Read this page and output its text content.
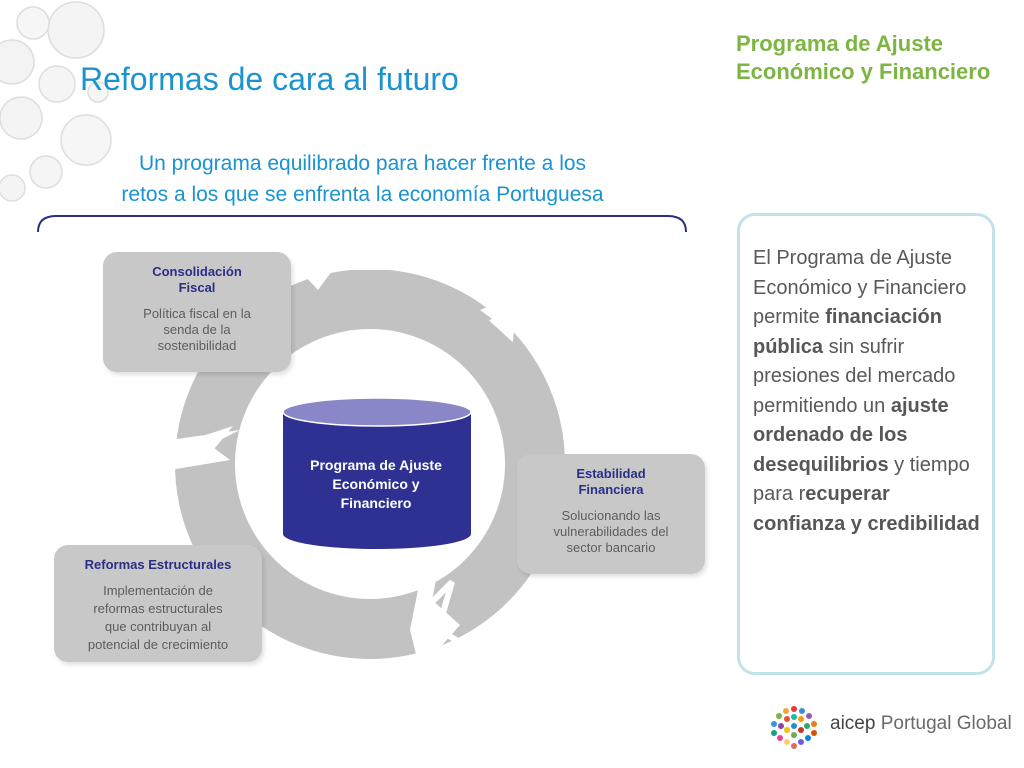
Reformas de cara al futuro
Programa de Ajuste
Económico y Financiero
Un programa equilibrado para hacer frente a los
retos a los que se enfrenta la economía Portuguesa
Consolidación
Fiscal
Política fiscal en la
senda de la
sostenibilidad
Estabilidad
Financiera
Solucionando las
vulnerabilidades del
sector bancario
Reformas Estructurales
Implementación de
reformas estructurales
que contribuyan al
potencial de crecimiento
Programa de Ajuste
Económico y
Financiero
El Programa de Ajuste Económico y Financiero permite financiación pública sin sufrir presiones del mercado permitiendo un ajuste ordenado de los desequilibrios y tiempo para recuperar confianza y credibilidad
aicep Portugal Global
